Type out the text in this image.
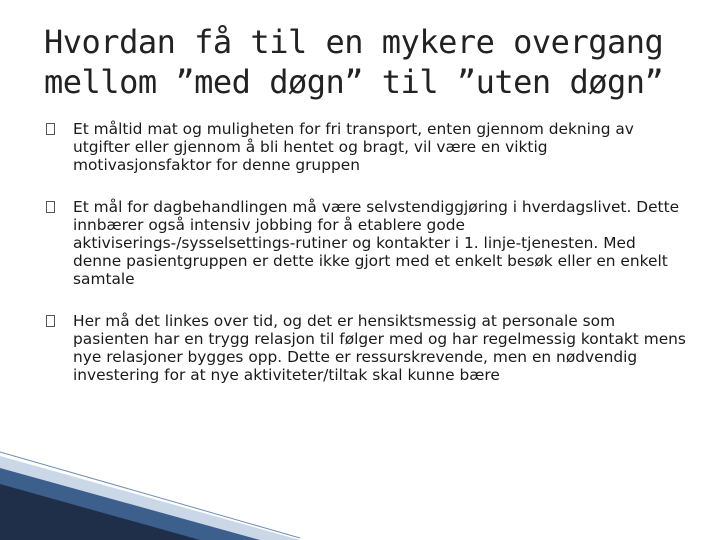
Hvordan få til en mykere overgang
mellom ”med døgn” til ”uten døgn”
Et måltid mat og muligheten for fri transport, enten gjennom dekning av utgifter eller gjennom å bli hentet og bragt, vil være en viktig motivasjonsfaktor for denne gruppen
Et mål for dagbehandlingen må være selvstendiggjøring i hverdagslivet. Dette innbærer også intensiv jobbing for å etablere gode aktiviserings-/sysselsettings-rutiner og kontakter i 1. linje-tjenesten. Med denne pasientgruppen er dette ikke gjort med et enkelt besøk eller en enkelt samtale
Her må det linkes over tid, og det er hensiktsmessig at personale som pasienten har en trygg relasjon til følger med og har regelmessig kontakt mens nye relasjoner bygges opp. Dette er ressurskrevende, men en nødvendig investering for at nye aktiviteter/tiltak skal kunne bære
